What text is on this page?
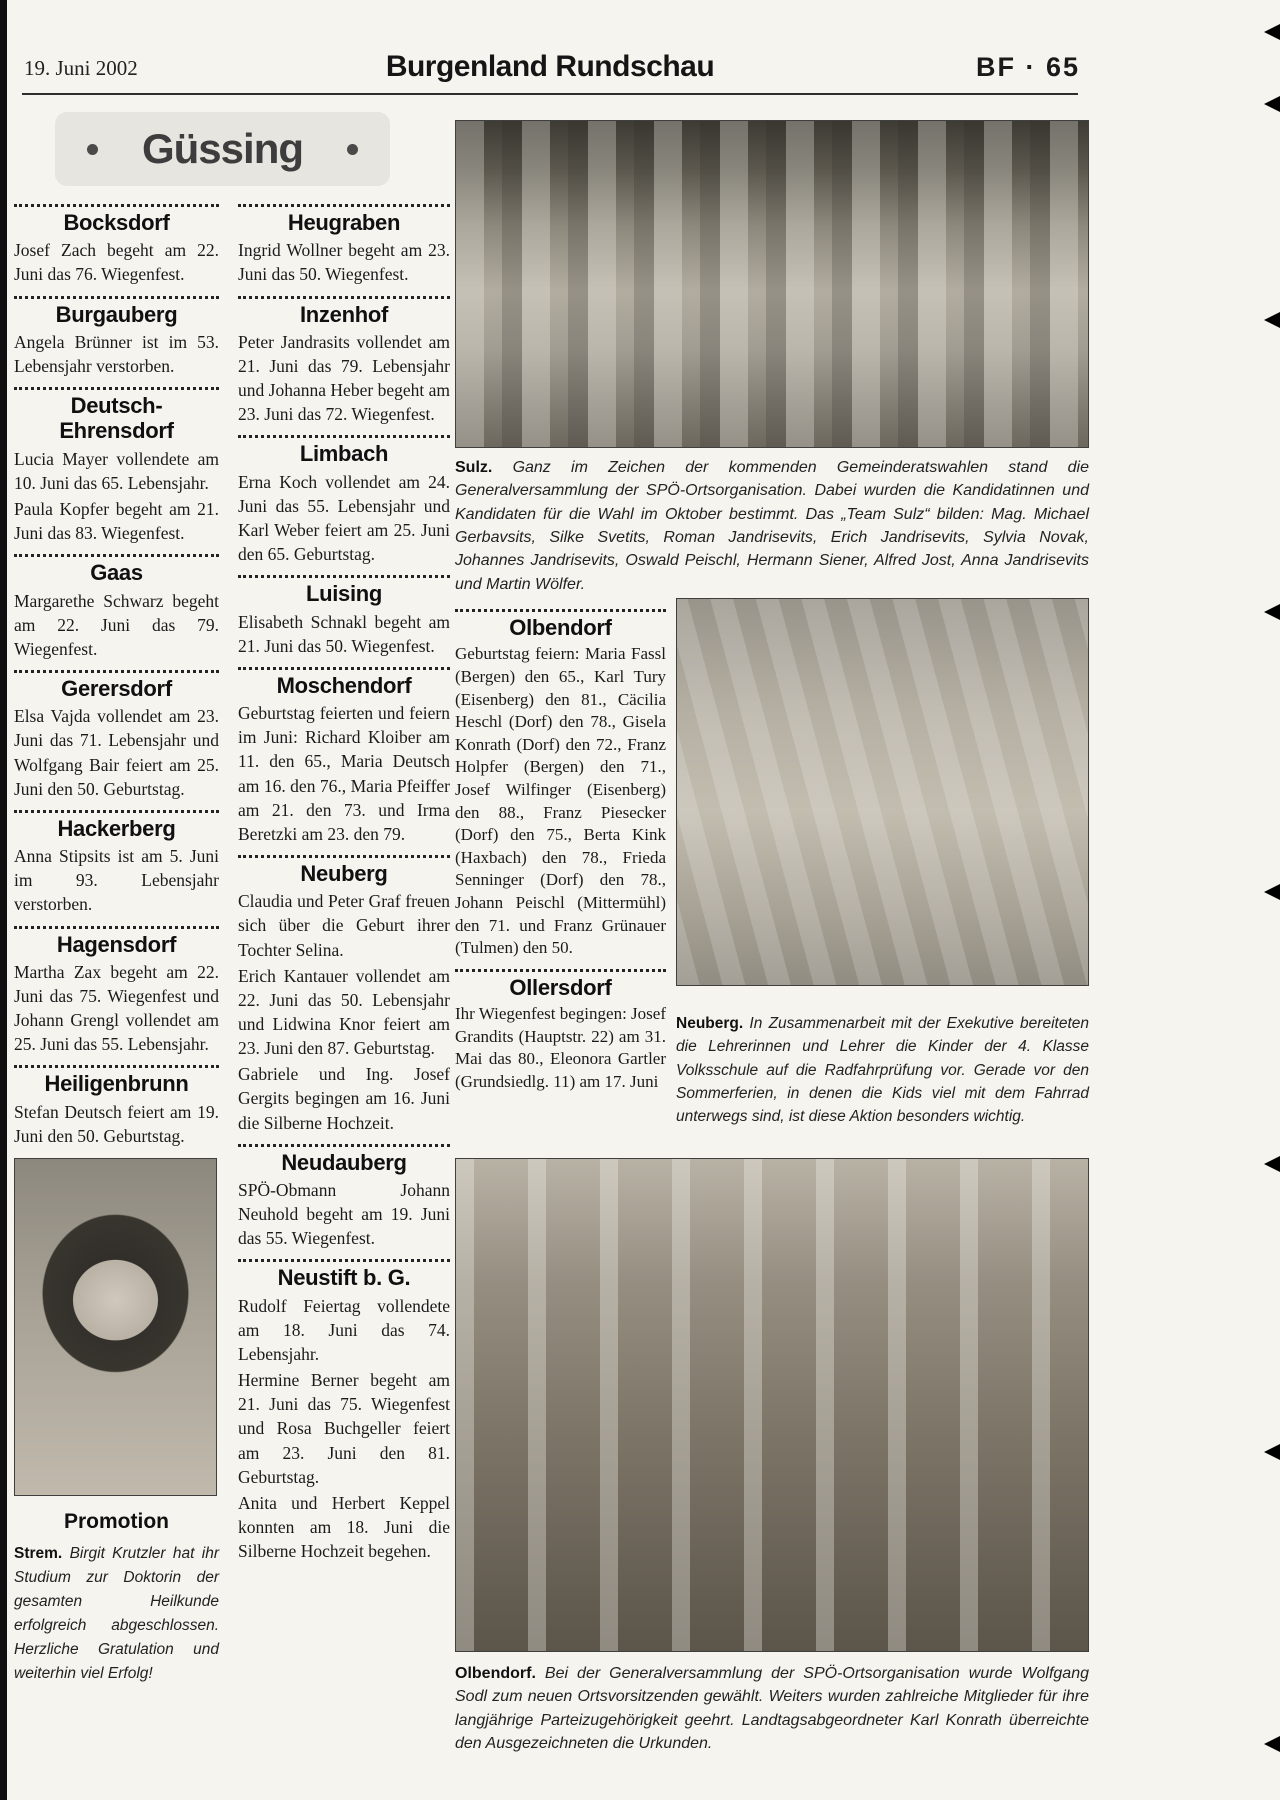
19. Juni 2002	Burgenland Rundschau	BF · 65
Güssing
Bocksdorf

Josef Zach begeht am 22. Juni das 76. Wiegenfest.

Burgauberg

Angela Brünner ist im 53. Lebensjahr verstorben.

Deutsch-Ehrensdorf

Lucia Mayer vollendete am 10. Juni das 65. Lebensjahr.

Paula Kopfer begeht am 21. Juni das 83. Wiegenfest.

Gaas

Margarethe Schwarz begeht am 22. Juni das 79. Wiegenfest.

Gerersdorf

Elsa Vajda vollendet am 23. Juni das 71. Lebensjahr und Wolfgang Bair feiert am 25. Juni den 50. Geburtstag.

Hackerberg

Anna Stipsits ist am 5. Juni im 93. Lebensjahr verstorben.

Hagensdorf

Martha Zax begeht am 22. Juni das 75. Wiegenfest und Johann Grengl vollendet am 25. Juni das 55. Lebensjahr.

Heiligenbrunn

Stefan Deutsch feiert am 19. Juni den 50. Geburtstag.

Promotion

Strem. Birgit Krutzler hat ihr Studium zur Doktorin der gesamten Heilkunde erfolgreich abgeschlossen. Herzliche Gratulation und weiterhin viel Erfolg!

Heugraben

Ingrid Wollner begeht am 23. Juni das 50. Wiegenfest.

Inzenhof

Peter Jandrasits vollendet am 21. Juni das 79. Lebensjahr und Johanna Heber begeht am 23. Juni das 72. Wiegenfest.

Limbach

Erna Koch vollendet am 24. Juni das 55. Lebensjahr und Karl Weber feiert am 25. Juni den 65. Geburtstag.

Luising

Elisabeth Schnakl begeht am 21. Juni das 50. Wiegenfest.

Moschendorf

Geburtstag feierten und feiern im Juni: Richard Kloiber am 11. den 65., Maria Deutsch am 16. den 76., Maria Pfeiffer am 21. den 73. und Irma Beretzki am 23. den 79.

Neuberg

Claudia und Peter Graf freuen sich über die Geburt ihrer Tochter Selina.

Erich Kantauer vollendet am 22. Juni das 50. Lebensjahr und Lidwina Knor feiert am 23. Juni den 87. Geburtstag.

Gabriele und Ing. Josef Gergits begingen am 16. Juni die Silberne Hochzeit.

Neudauberg

SPÖ-Obmann Johann Neuhold begeht am 19. Juni das 55. Wiegenfest.

Neustift b. G.

Rudolf Feiertag vollendete am 18. Juni das 74. Lebensjahr.

Hermine Berner begeht am 21. Juni das 75. Wiegenfest und Rosa Buchgeller feiert am 23. Juni den 81. Geburtstag.

Anita und Herbert Keppel konnten am 18. Juni die Silberne Hochzeit begehen.

Sulz. Ganz im Zeichen der kommenden Gemeinderatswahlen stand die Generalversammlung der SPÖ-Ortsorganisation. Dabei wurden die Kandidatinnen und Kandidaten für die Wahl im Oktober bestimmt. Das „Team Sulz“ bilden: Mag. Michael Gerbavsits, Silke Svetits, Roman Jandrisevits, Erich Jandrisevits, Sylvia Novak, Johannes Jandrisevits, Oswald Peischl, Hermann Siener, Alfred Jost, Anna Jandrisevits und Martin Wölfer.

Olbendorf

Geburtstag feiern: Maria Fassl (Bergen) den 65., Karl Tury (Eisenberg) den 81., Cäcilia Heschl (Dorf) den 78., Gisela Konrath (Dorf) den 72., Franz Holpfer (Bergen) den 71., Josef Wilfinger (Eisenberg) den 88., Franz Piesecker (Dorf) den 75., Berta Kink (Haxbach) den 78., Frieda Senninger (Dorf) den 78., Johann Peischl (Mittermühl) den 71. und Franz Grünauer (Tulmen) den 50.

Ollersdorf

Ihr Wiegenfest begingen: Josef Grandits (Hauptstr. 22) am 31. Mai das 80., Eleonora Gartler (Grundsiedlg. 11) am 17. Juni

Neuberg. In Zusammenarbeit mit der Exekutive bereiteten die Lehrerinnen und Lehrer die Kinder der 4. Klasse Volksschule auf die Radfahrprüfung vor. Gerade vor den Sommerferien, in denen die Kids viel mit dem Fahrrad unterwegs sind, ist diese Aktion besonders wichtig.

Olbendorf. Bei der Generalversammlung der SPÖ-Ortsorganisation wurde Wolfgang Sodl zum neuen Ortsvorsitzenden gewählt. Weiters wurden zahlreiche Mitglieder für ihre langjährige Parteizugehörigkeit geehrt. Landtagsabgeordneter Karl Konrath überreichte den Ausgezeichneten die Urkunden.
